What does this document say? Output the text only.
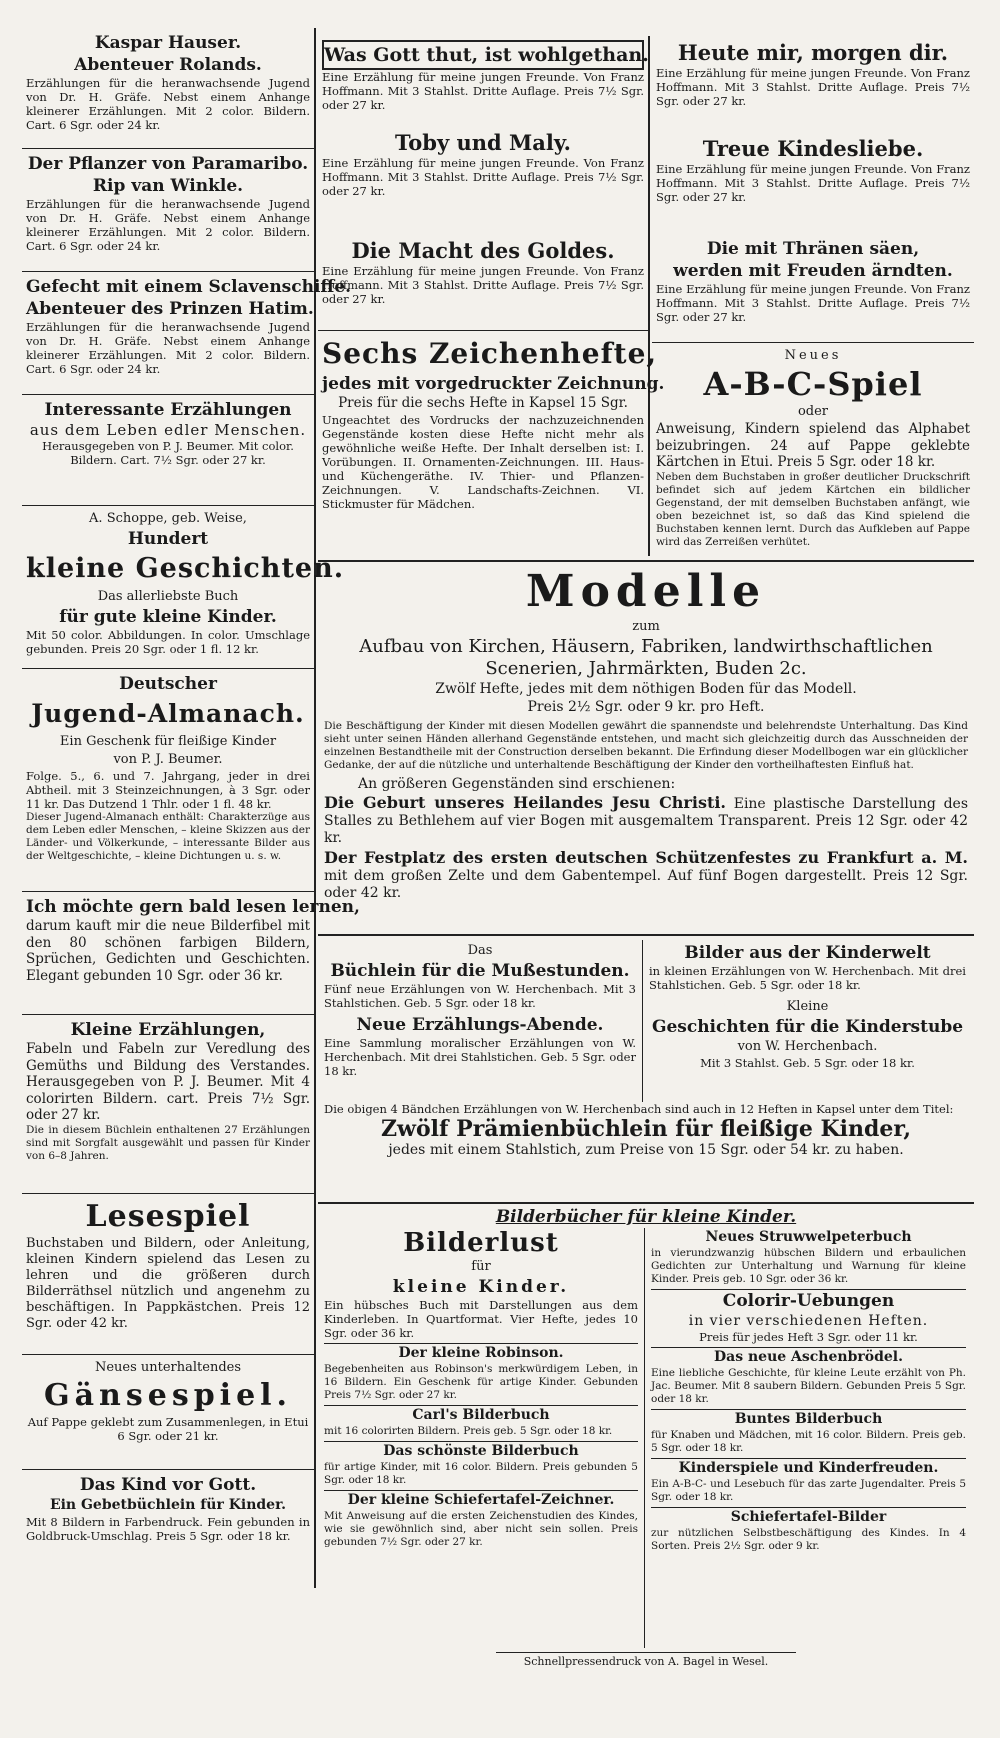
Kaspar Hauser.
Abenteuer Rolands.
Erzählungen für die heranwachsende Jugend von Dr. H. Gräfe. Nebst einem Anhange kleinerer Erzählungen. Mit 2 color. Bildern. Cart. 6 Sgr. oder 24 kr.
Der Pflanzer von Paramaribo.
Rip van Winkle.
Erzählungen für die heranwachsende Jugend von Dr. H. Gräfe. Nebst einem Anhange kleinerer Erzählungen. Mit 2 color. Bildern. Cart. 6 Sgr. oder 24 kr.
Gefecht mit einem Sclavenschiffe.
Abenteuer des Prinzen Hatim.
Erzählungen für die heranwachsende Jugend von Dr. H. Gräfe. Nebst einem Anhange kleinerer Erzählungen. Mit 2 color. Bildern. Cart. 6 Sgr. oder 24 kr.
Interessante Erzählungen
aus dem Leben edler Menschen.
Herausgegeben von P. J. Beumer. Mit color. Bildern. Cart. 7½ Sgr. oder 27 kr.
A. Schoppe, geb. Weise,
Hundert
kleine Geschichten.
Das allerliebste Buch
für gute kleine Kinder.
Mit 50 color. Abbildungen. In color. Umschlage gebunden. Preis 20 Sgr. oder 1 fl. 12 kr.
Deutscher
Jugend-Almanach.
Ein Geschenk für fleißige Kinder
von P. J. Beumer.
Folge. 5., 6. und 7. Jahrgang, jeder in drei Abtheil. mit 3 Steinzeichnungen, à 3 Sgr. oder 11 kr. Das Dutzend 1 Thlr. oder 1 fl. 48 kr.
Dieser Jugend-Almanach enthält: Charakterzüge aus dem Leben edler Menschen, – kleine Skizzen aus der Länder- und Völkerkunde, – interessante Bilder aus der Weltgeschichte, – kleine Dichtungen u. s. w.
Ich möchte gern bald lesen lernen,
darum kauft mir die neue Bilderfibel mit den 80 schönen farbigen Bildern, Sprüchen, Gedichten und Geschichten. Elegant gebunden 10 Sgr. oder 36 kr.
Kleine Erzählungen,
Fabeln und Fabeln zur Veredlung des Gemüths und Bildung des Verstandes. Herausgegeben von P. J. Beumer. Mit 4 colorirten Bildern. cart. Preis 7½ Sgr. oder 27 kr.
Die in diesem Büchlein enthaltenen 27 Erzählungen sind mit Sorgfalt ausgewählt und passen für Kinder von 6–8 Jahren.
Lesespiel
Buchstaben und Bildern, oder Anleitung, kleinen Kindern spielend das Lesen zu lehren und die größeren durch Bilderräthsel nützlich und angenehm zu beschäftigen. In Pappkästchen. Preis 12 Sgr. oder 42 kr.
Neues unterhaltendes
Gänsespiel.
Auf Pappe geklebt zum Zusammenlegen, in Etui 6 Sgr. oder 21 kr.
Das Kind vor Gott.
Ein Gebetbüchlein für Kinder.
Mit 8 Bildern in Farbendruck. Fein gebunden in Goldbruck-Umschlag. Preis 5 Sgr. oder 18 kr.
Was Gott thut, ist wohlgethan.
Eine Erzählung für meine jungen Freunde. Von Franz Hoffmann. Mit 3 Stahlst. Dritte Auflage. Preis 7½ Sgr. oder 27 kr.
Toby und Maly.
Eine Erzählung für meine jungen Freunde. Von Franz Hoffmann. Mit 3 Stahlst. Dritte Auflage. Preis 7½ Sgr. oder 27 kr.
Die Macht des Goldes.
Eine Erzählung für meine jungen Freunde. Von Franz Hoffmann. Mit 3 Stahlst. Dritte Auflage. Preis 7½ Sgr. oder 27 kr.
Sechs Zeichenhefte,
jedes mit vorgedruckter Zeichnung.
Preis für die sechs Hefte in Kapsel 15 Sgr.
Ungeachtet des Vordrucks der nachzuzeichnenden Gegenstände kosten diese Hefte nicht mehr als gewöhnliche weiße Hefte. Der Inhalt derselben ist: I. Vorübungen. II. Ornamenten-Zeichnungen. III. Haus- und Küchengeräthe. IV. Thier- und Pflanzen-Zeichnungen. V. Landschafts-Zeichnen. VI. Stickmuster für Mädchen.
Heute mir, morgen dir.
Eine Erzählung für meine jungen Freunde. Von Franz Hoffmann. Mit 3 Stahlst. Dritte Auflage. Preis 7½ Sgr. oder 27 kr.
Treue Kindesliebe.
Eine Erzählung für meine jungen Freunde. Von Franz Hoffmann. Mit 3 Stahlst. Dritte Auflage. Preis 7½ Sgr. oder 27 kr.
Die mit Thränen säen,
werden mit Freuden ärndten.
Eine Erzählung für meine jungen Freunde. Von Franz Hoffmann. Mit 3 Stahlst. Dritte Auflage. Preis 7½ Sgr. oder 27 kr.
Neues
A-B-C-Spiel
oder
Anweisung, Kindern spielend das Alphabet beizubringen. 24 auf Pappe geklebte Kärtchen in Etui. Preis 5 Sgr. oder 18 kr.
Neben dem Buchstaben in großer deutlicher Druckschrift befindet sich auf jedem Kärtchen ein bildlicher Gegenstand, der mit demselben Buchstaben anfängt, wie oben bezeichnet ist, so daß das Kind spielend die Buchstaben kennen lernt. Durch das Aufkleben auf Pappe wird das Zerreißen verhütet.
Modelle
zum
Aufbau von Kirchen, Häusern, Fabriken, landwirthschaftlichen Scenerien, Jahrmärkten, Buden 2c.
Zwölf Hefte, jedes mit dem nöthigen Boden für das Modell.
Preis 2½ Sgr. oder 9 kr. pro Heft.
Die Beschäftigung der Kinder mit diesen Modellen gewährt die spannendste und belehrendste Unterhaltung. Das Kind sieht unter seinen Händen allerhand Gegenstände entstehen, und macht sich gleichzeitig durch das Ausschneiden der einzelnen Bestandtheile mit der Construction derselben bekannt. Die Erfindung dieser Modellbogen war ein glücklicher Gedanke, der auf die nützliche und unterhaltende Beschäftigung der Kinder den vortheilhaftesten Einfluß hat.
An größeren Gegenständen sind erschienen:
Die Geburt unseres Heilandes Jesu Christi. Eine plastische Darstellung des Stalles zu Bethlehem auf vier Bogen mit ausgemaltem Transparent. Preis 12 Sgr. oder 42 kr.
Der Festplatz des ersten deutschen Schützenfestes zu Frankfurt a. M. mit dem großen Zelte und dem Gabentempel. Auf fünf Bogen dargestellt. Preis 12 Sgr. oder 42 kr.
Das
Büchlein für die Mußestunden.
Fünf neue Erzählungen von W. Herchenbach. Mit 3 Stahlstichen. Geb. 5 Sgr. oder 18 kr.
Neue Erzählungs-Abende.
Eine Sammlung moralischer Erzählungen von W. Herchenbach. Mit drei Stahlstichen. Geb. 5 Sgr. oder 18 kr.
Bilder aus der Kinderwelt
in kleinen Erzählungen von W. Herchenbach. Mit drei Stahlstichen. Geb. 5 Sgr. oder 18 kr.
Kleine
Geschichten für die Kinderstube
von W. Herchenbach.
Mit 3 Stahlst. Geb. 5 Sgr. oder 18 kr.
Die obigen 4 Bändchen Erzählungen von W. Herchenbach sind auch in 12 Heften in Kapsel unter dem Titel:
Zwölf Prämienbüchlein für fleißige Kinder,
jedes mit einem Stahlstich, zum Preise von 15 Sgr. oder 54 kr. zu haben.
Bilderbücher für kleine Kinder.
Bilderlust
für
kleine Kinder.
Ein hübsches Buch mit Darstellungen aus dem Kinderleben. In Quartformat. Vier Hefte, jedes 10 Sgr. oder 36 kr.
Der kleine Robinson.
Begebenheiten aus Robinson's merkwürdigem Leben, in 16 Bildern. Ein Geschenk für artige Kinder. Gebunden Preis 7½ Sgr. oder 27 kr.
Carl's Bilderbuch
mit 16 colorirten Bildern. Preis geb. 5 Sgr. oder 18 kr.
Das schönste Bilderbuch
für artige Kinder, mit 16 color. Bildern. Preis gebunden 5 Sgr. oder 18 kr.
Der kleine Schiefertafel-Zeichner.
Mit Anweisung auf die ersten Zeichenstudien des Kindes, wie sie gewöhnlich sind, aber nicht sein sollen. Preis gebunden 7½ Sgr. oder 27 kr.
Neues Struwwelpeterbuch
in vierundzwanzig hübschen Bildern und erbaulichen Gedichten zur Unterhaltung und Warnung für kleine Kinder. Preis geb. 10 Sgr. oder 36 kr.
Colorir-Uebungen
in vier verschiedenen Heften.
Preis für jedes Heft 3 Sgr. oder 11 kr.
Das neue Aschenbrödel.
Eine liebliche Geschichte, für kleine Leute erzählt von Ph. Jac. Beumer. Mit 8 saubern Bildern. Gebunden Preis 5 Sgr. oder 18 kr.
Buntes Bilderbuch
für Knaben und Mädchen, mit 16 color. Bildern. Preis geb. 5 Sgr. oder 18 kr.
Kinderspiele und Kinderfreuden.
Ein A-B-C- und Lesebuch für das zarte Jugendalter. Preis 5 Sgr. oder 18 kr.
Schiefertafel-Bilder
zur nützlichen Selbstbeschäftigung des Kindes. In 4 Sorten. Preis 2½ Sgr. oder 9 kr.
Schnellpressendruck von A. Bagel in Wesel.
